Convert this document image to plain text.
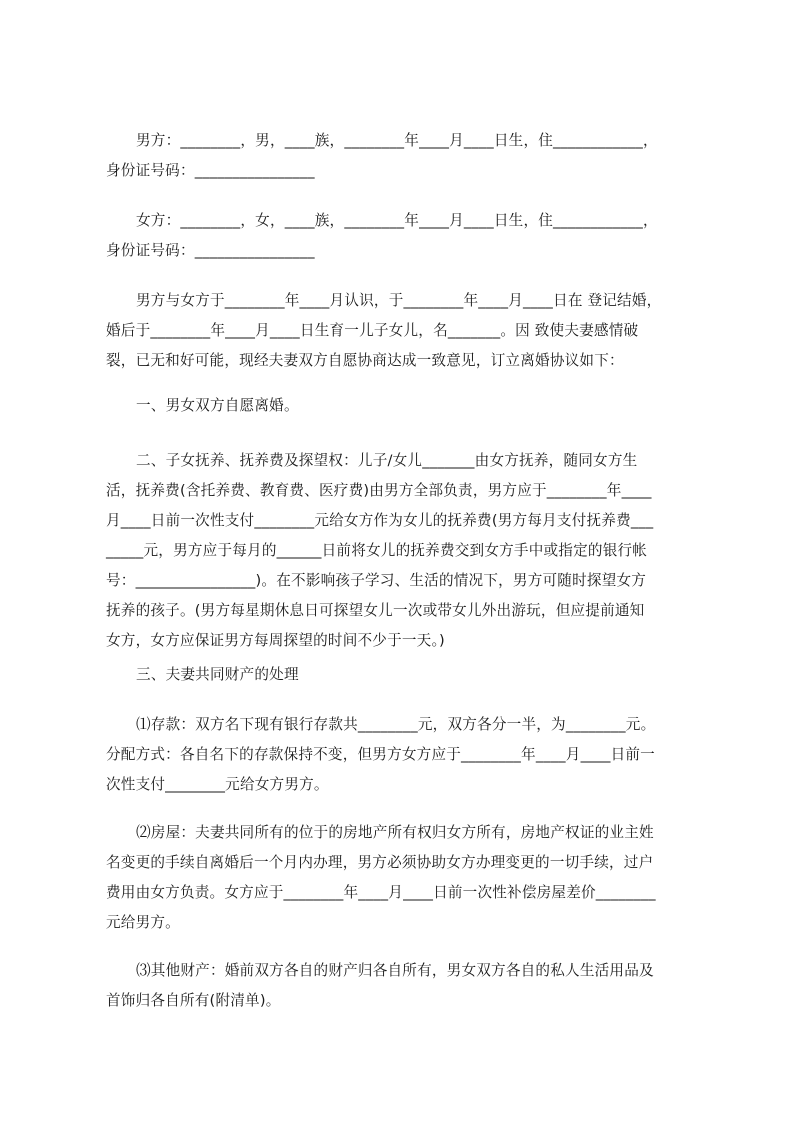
男方：________，男，____族，________年____月____日生，住____________，
身份证号码：________________
女方：________，女，____族，________年____月____日生，住____________，
身份证号码：________________
男方与女方于________年____月认识，于________年____月____日在 登记结婚，
婚后于________年____月____日生育一儿子女儿，名_______。因 致使夫妻感情破
裂，已无和好可能，现经夫妻双方自愿协商达成一致意见，订立离婚协议如下：
一、男女双方自愿离婚。
二、子女抚养、抚养费及探望权：儿子/女儿_______由女方抚养，随同女方生
活，抚养费(含托养费、教育费、医疗费)由男方全部负责，男方应于________年____
月____日前一次性支付________元给女方作为女儿的抚养费(男方每月支付抚养费___
_____元，男方应于每月的______日前将女儿的抚养费交到女方手中或指定的银行帐
号：________________)。在不影响孩子学习、生活的情况下，男方可随时探望女方
抚养的孩子。(男方每星期休息日可探望女儿一次或带女儿外出游玩，但应提前通知
女方，女方应保证男方每周探望的时间不少于一天。)
三、夫妻共同财产的处理
⑴存款：双方名下现有银行存款共________元，双方各分一半，为________元。
分配方式：各自名下的存款保持不变，但男方女方应于________年____月____日前一
次性支付________元给女方男方。
⑵房屋：夫妻共同所有的位于的房地产所有权归女方所有，房地产权证的业主姓
名变更的手续自离婚后一个月内办理，男方必须协助女方办理变更的一切手续，过户
费用由女方负责。女方应于________年____月____日前一次性补偿房屋差价________
元给男方。
⑶其他财产：婚前双方各自的财产归各自所有，男女双方各自的私人生活用品及
首饰归各自所有(附清单)。
